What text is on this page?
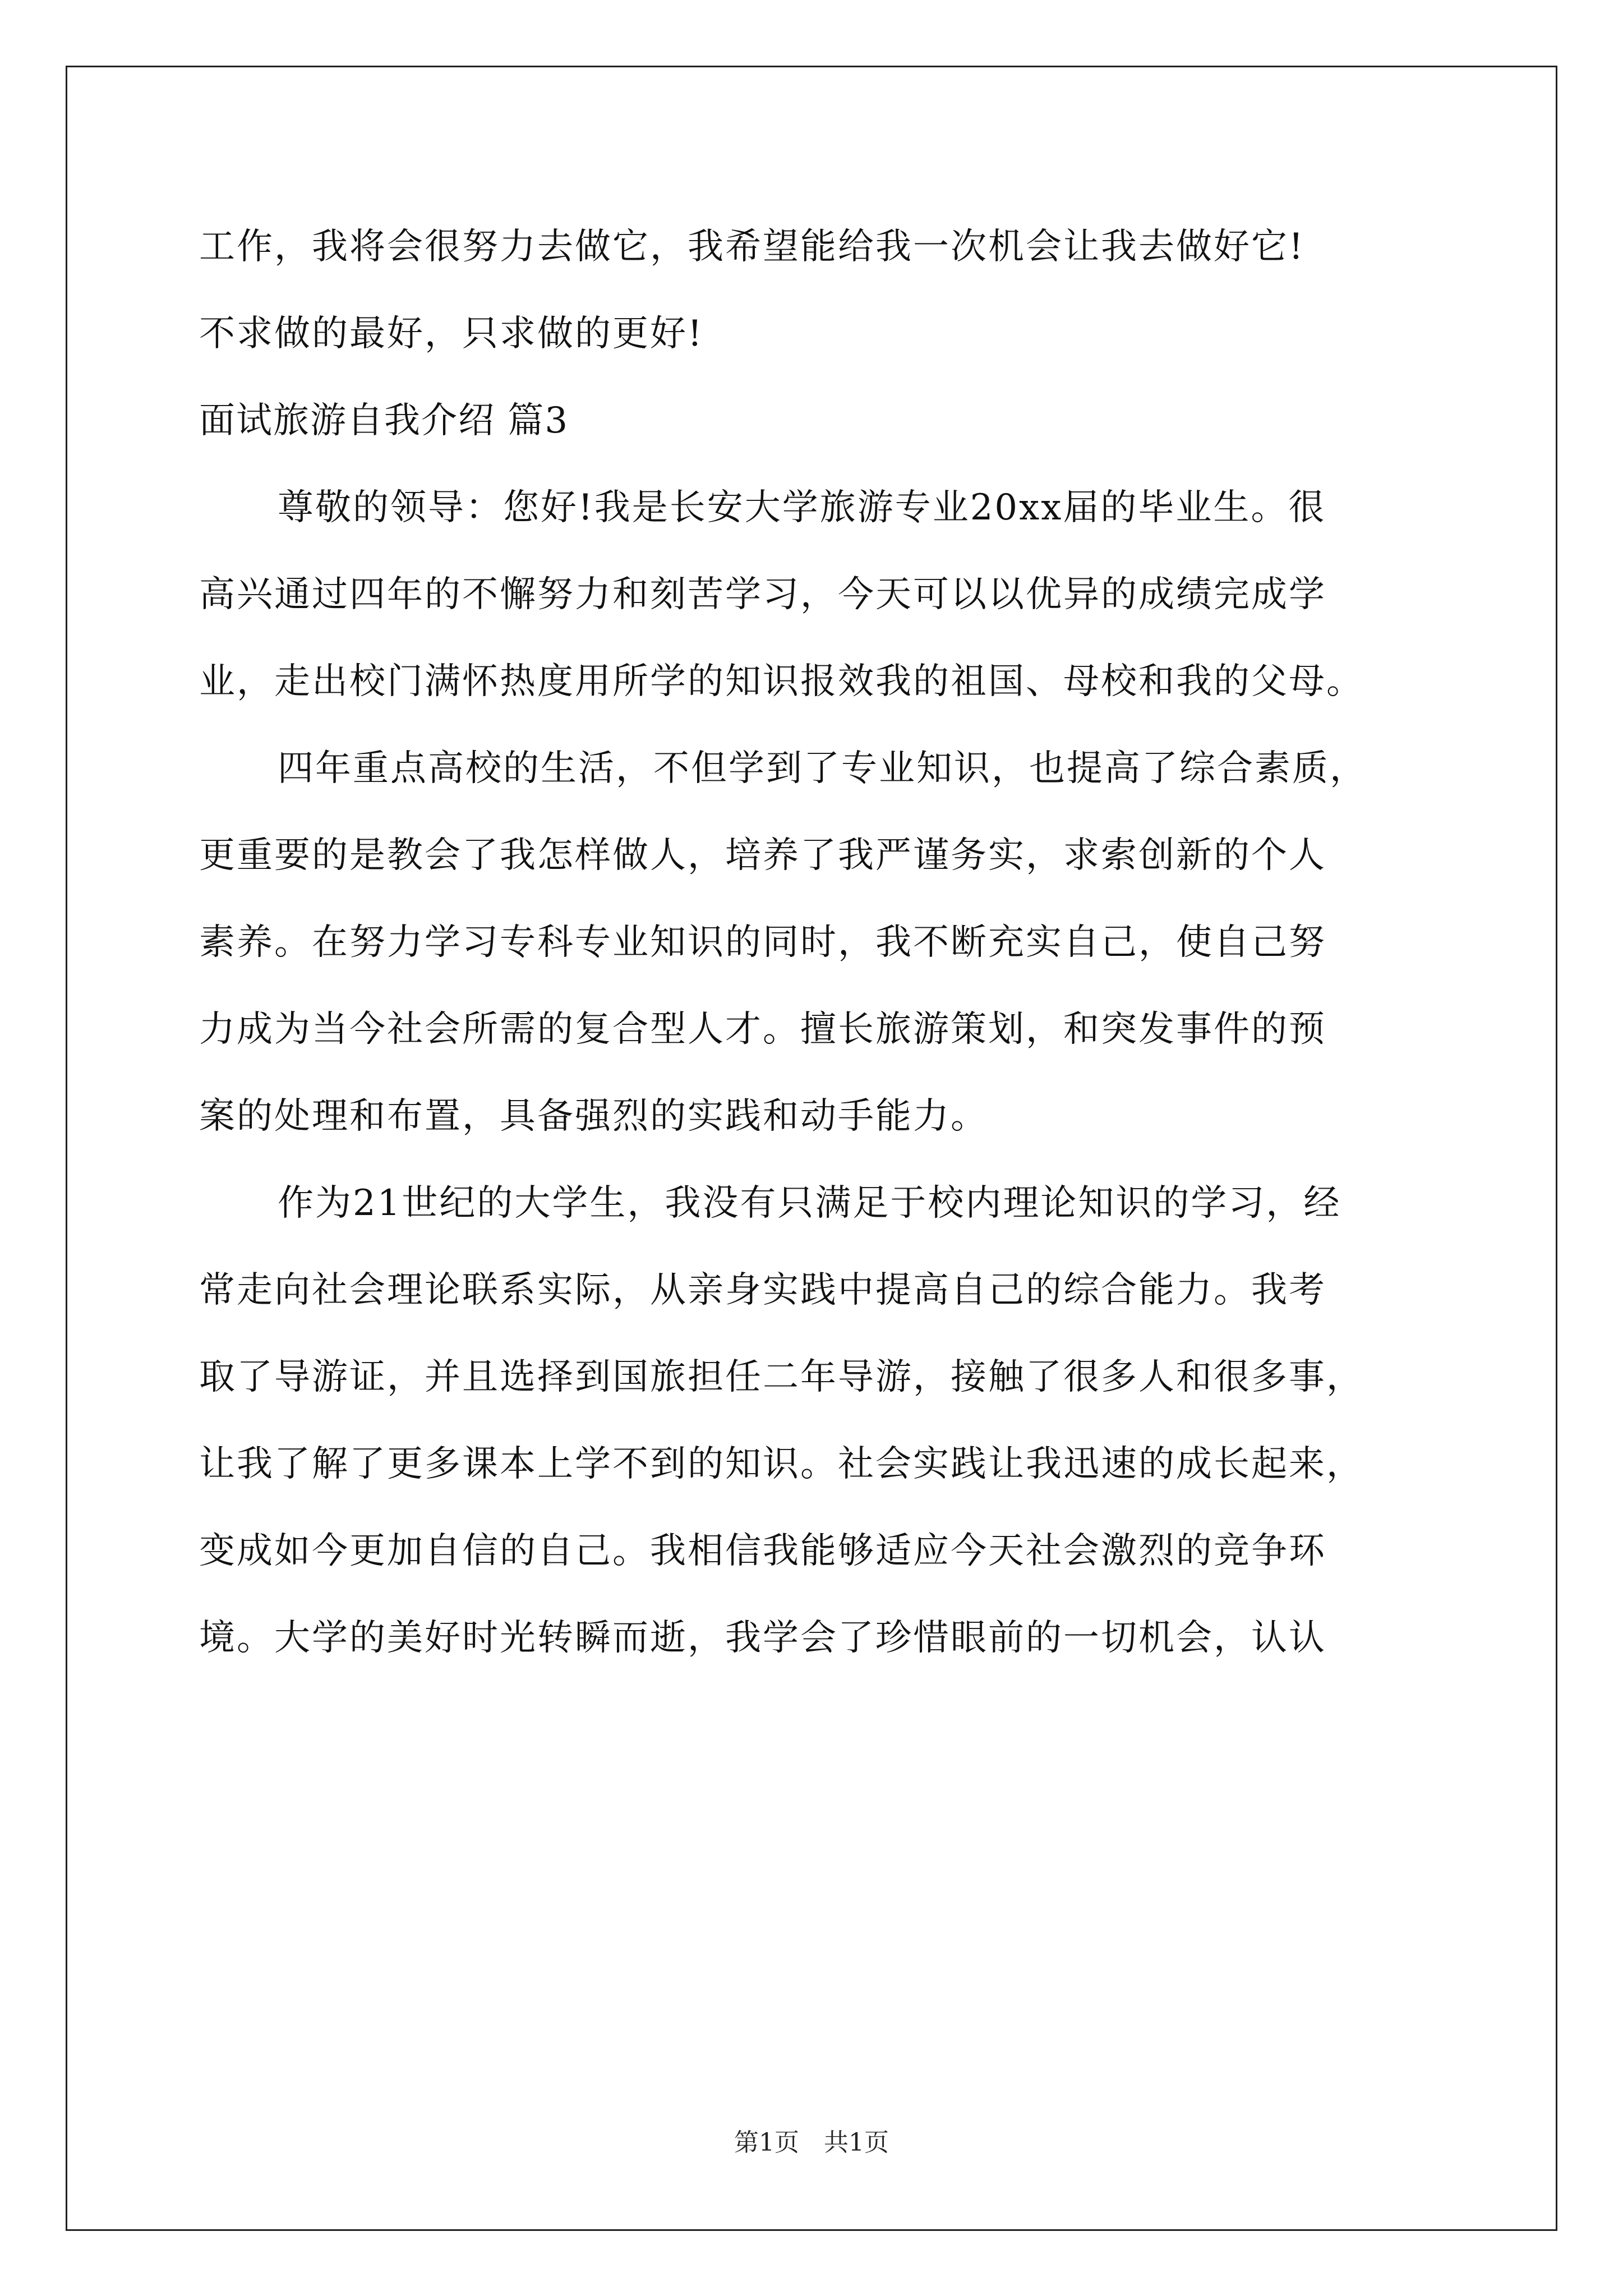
工作，我将会很努力去做它，我希望能给我一次机会让我去做好它!
不求做的最好，只求做的更好!
面试旅游自我介绍 篇3
尊敬的领导：您好!我是长安大学旅游专业20xx届的毕业生。很
高兴通过四年的不懈努力和刻苦学习，今天可以以优异的成绩完成学
业，走出校门满怀热度用所学的知识报效我的祖国、母校和我的父母。
四年重点高校的生活，不但学到了专业知识，也提高了综合素质，
更重要的是教会了我怎样做人，培养了我严谨务实，求索创新的个人
素养。在努力学习专科专业知识的同时，我不断充实自己，使自己努
力成为当今社会所需的复合型人才。擅长旅游策划，和突发事件的预
案的处理和布置，具备强烈的实践和动手能力。
作为21世纪的大学生，我没有只满足于校内理论知识的学习，经
常走向社会理论联系实际，从亲身实践中提高自己的综合能力。我考
取了导游证，并且选择到国旅担任二年导游，接触了很多人和很多事，
让我了解了更多课本上学不到的知识。社会实践让我迅速的成长起来，
变成如今更加自信的自己。我相信我能够适应今天社会激烈的竞争环
境。大学的美好时光转瞬而逝，我学会了珍惜眼前的一切机会，认认
第1页　共1页
